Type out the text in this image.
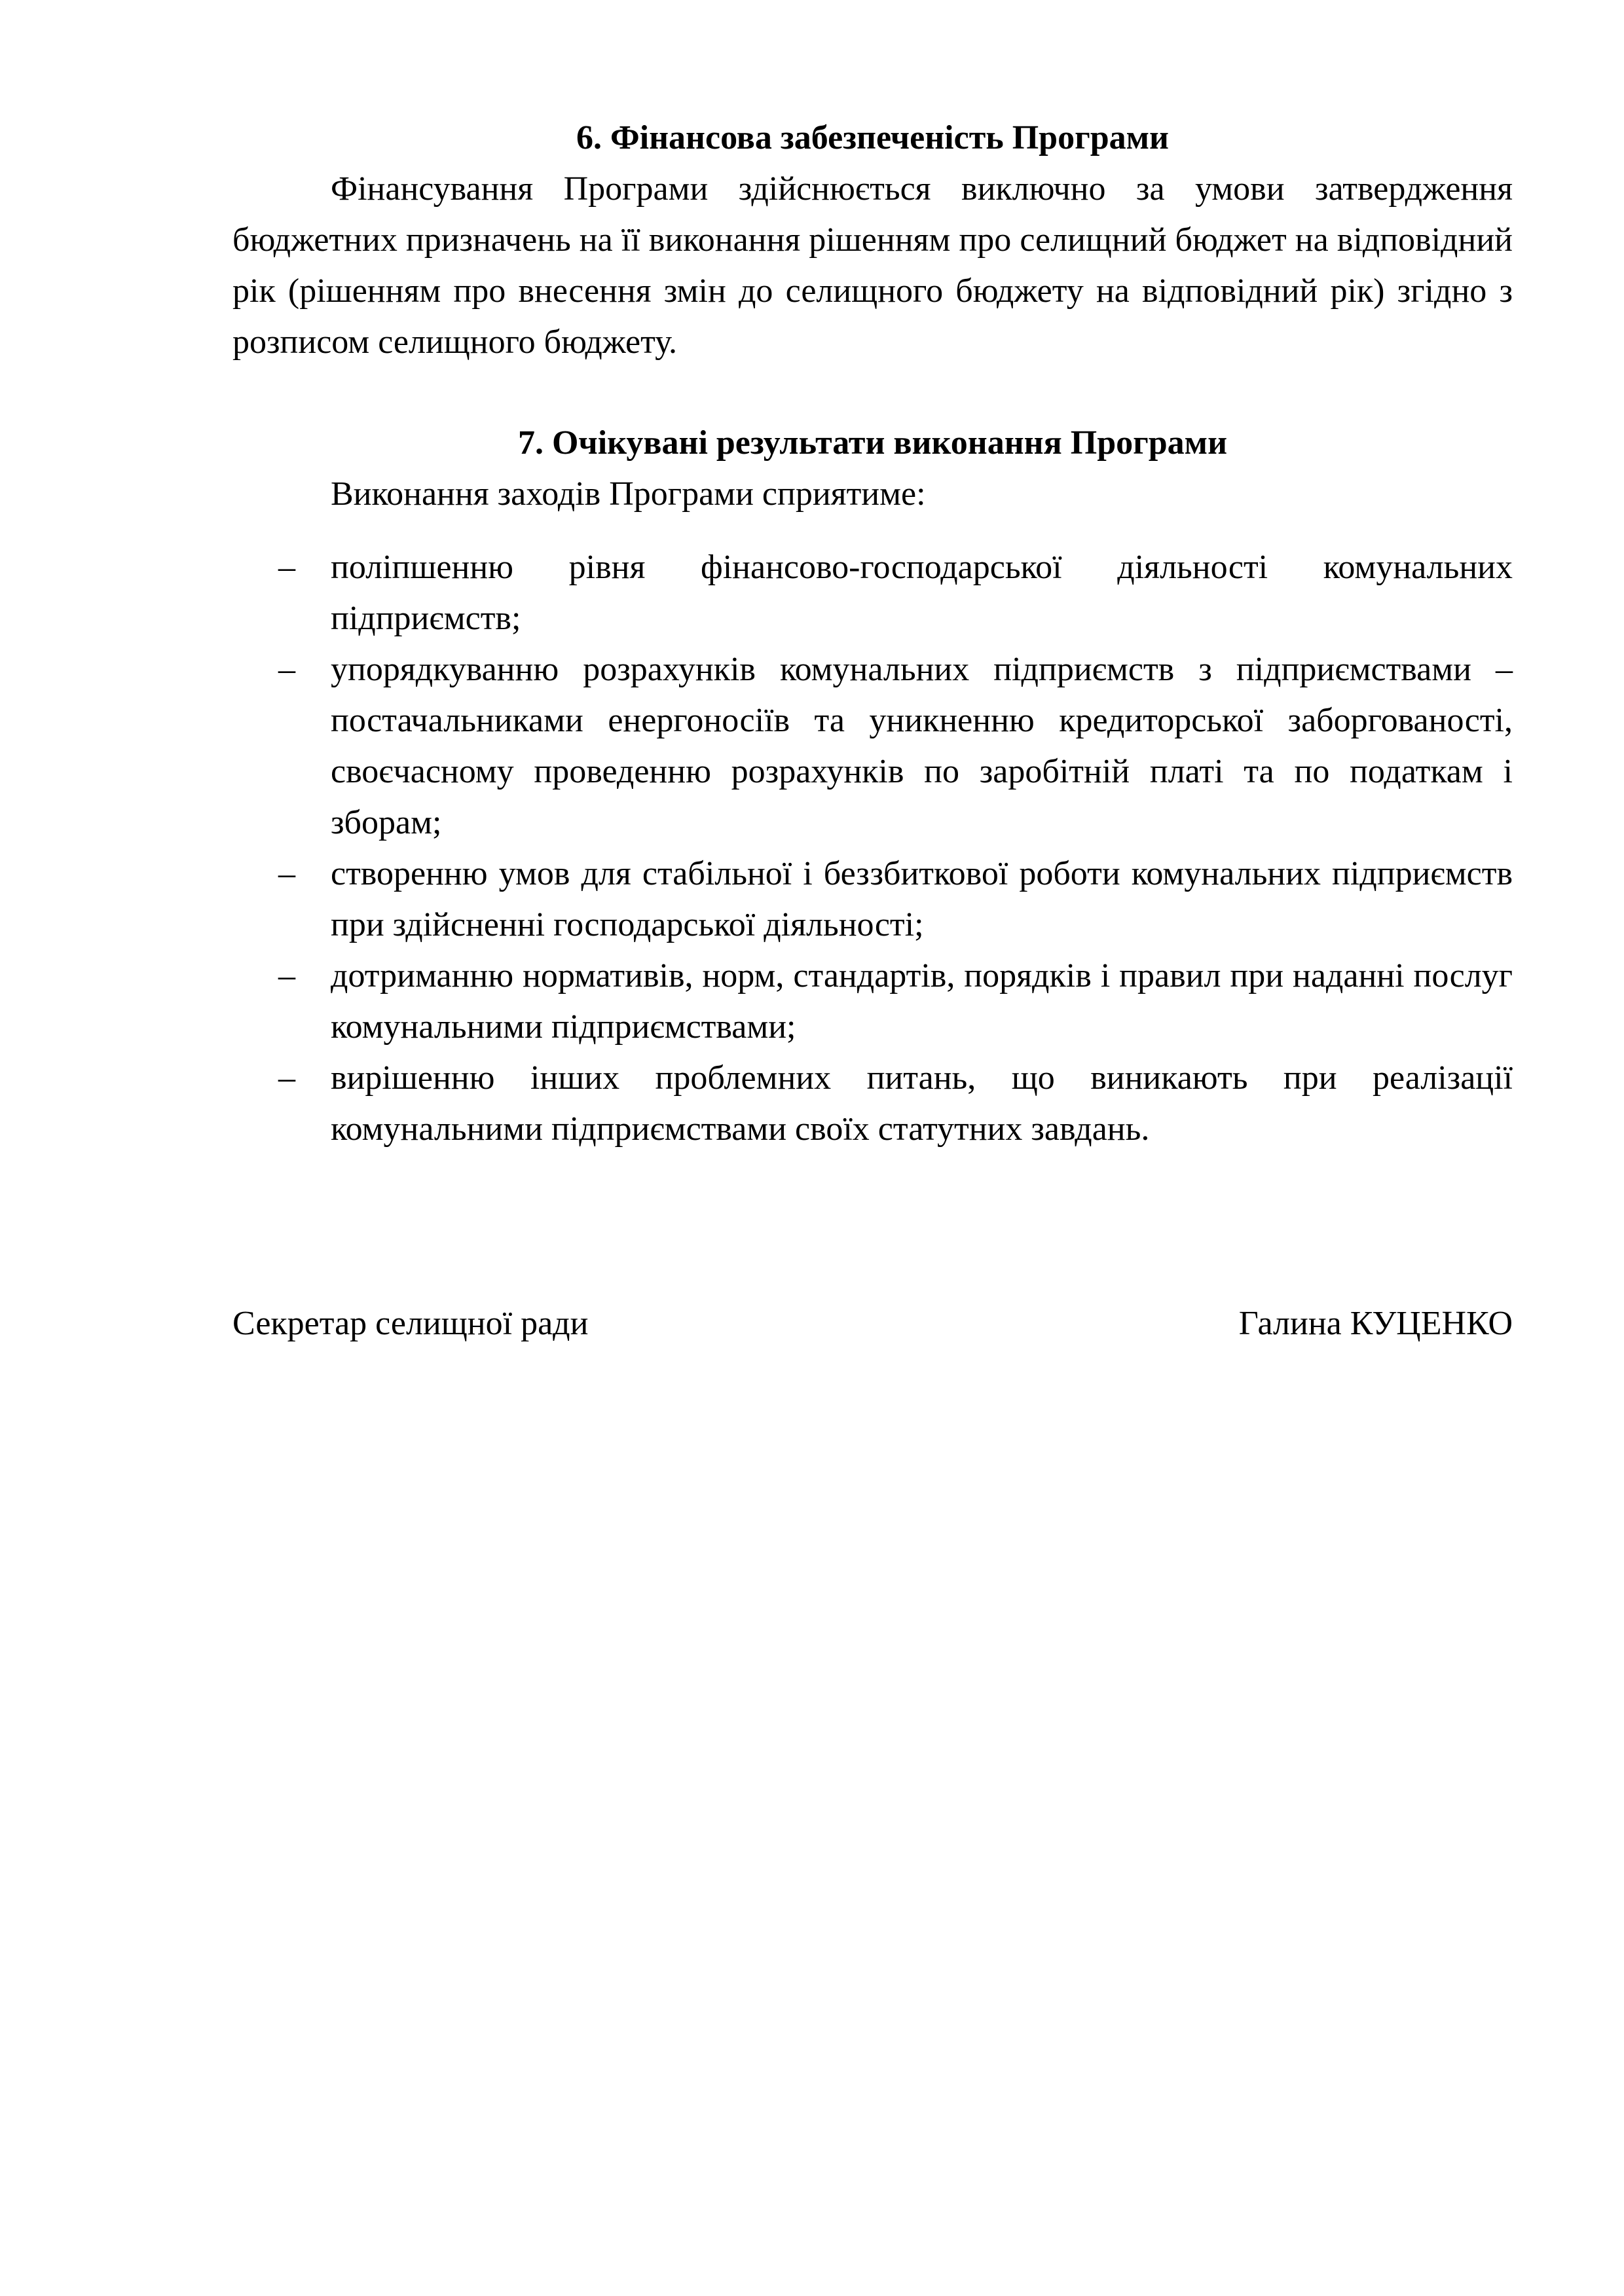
6. Фінансова забезпеченість Програми

Фінансування Програми здійснюється виключно за умови затвердження бюджетних призначень на її виконання рішенням про селищний бюджет на відповідний рік (рішенням про внесення змін до селищного бюджету на відповідний рік) згідно з розписом селищного бюджету.

7. Очікувані результати виконання Програми

Виконання заходів Програми сприятиме:

– поліпшенню рівня фінансово-господарської діяльності комунальних підприємств;
– упорядкуванню розрахунків комунальних підприємств з підприємствами – постачальниками енергоносіїв та уникненню кредиторської заборгованості, своєчасному проведенню розрахунків по заробітній платі та по податкам і зборам;
– створенню умов для стабільної і беззбиткової роботи комунальних підприємств при здійсненні господарської діяльності;
– дотриманню нормативів, норм, стандартів, порядків і правил при наданні послуг комунальними підприємствами;
– вирішенню інших проблемних питань, що виникають при реалізації комунальними підприємствами своїх статутних завдань.
Секретар селищної ради	Галина КУЦЕНКО
